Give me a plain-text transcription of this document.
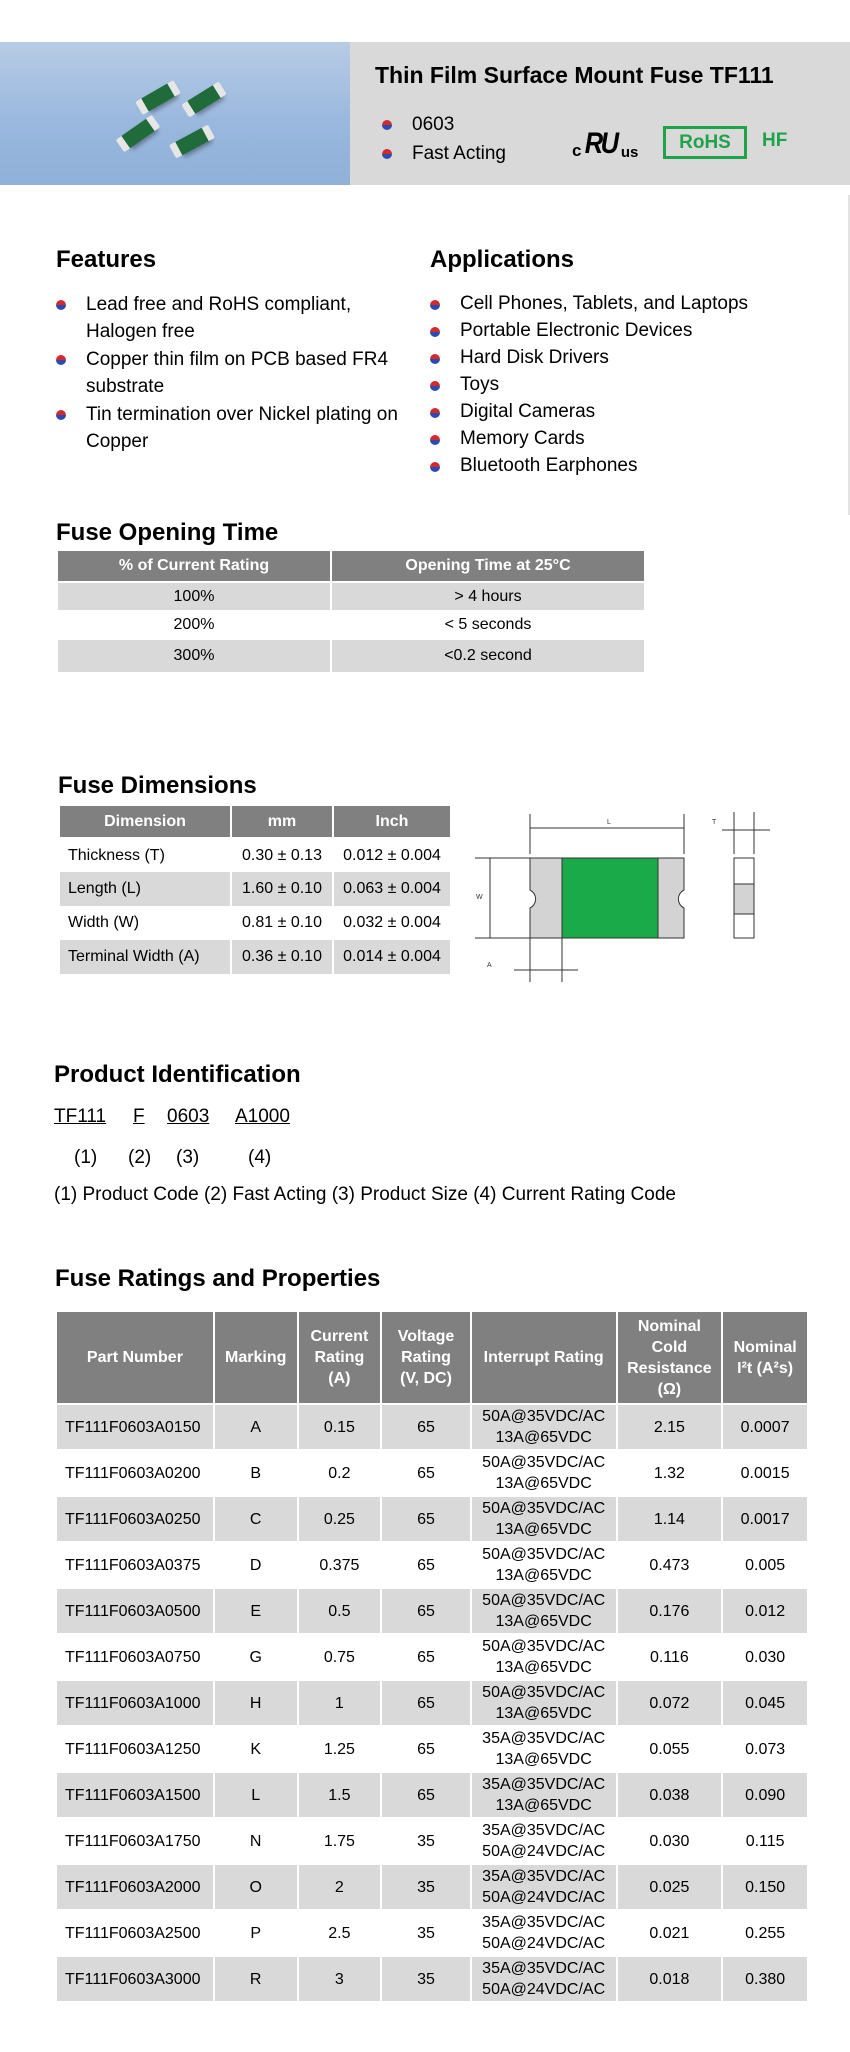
Thin Film Surface Mount Fuse TF111
0603
Fast Acting	c RU us	RoHS	HF
Features
Lead free and RoHS compliant,
Halogen free
Copper thin film on PCB based FR4
substrate
Tin termination over Nickel plating on
Copper
Applications
Cell Phones, Tablets, and Laptops
Portable Electronic Devices
Hard Disk Drivers
Toys
Digital Cameras
Memory Cards
Bluetooth Earphones
Fuse Opening Time
% of Current Rating	Opening Time at 25°C
100%	> 4 hours
200%	< 5 seconds
300%	<0.2 second
Fuse Dimensions
Dimension	mm	Inch
Thickness (T)	0.30 ± 0.13	0.012 ± 0.004
Length (L)	1.60 ± 0.10	0.063 ± 0.004
Width (W)	0.81 ± 0.10	0.032 ± 0.004
Terminal Width (A)	0.36 ± 0.10	0.014 ± 0.004
L
W
A
T
Product Identification
TF111 F 0603 A1000
(1) (2) (3)	(4)
(1) Product Code (2) Fast Acting (3) Product Size (4) Current Rating Code
Fuse Ratings and Properties
Part Number	Marking	Current
Rating
(A)	Voltage
Rating
(V, DC)	Interrupt Rating	Nominal
Cold
Resistance
(Ω)	Nominal
I²t (A²s)
TF111F0603A0150	A	0.15	65	50A@35VDC/AC
13A@65VDC	2.15	0.0007
TF111F0603A0200	B	0.2	65	50A@35VDC/AC
13A@65VDC	1.32	0.0015
TF111F0603A0250	C	0.25	65	50A@35VDC/AC
13A@65VDC	1.14	0.0017
TF111F0603A0375	D	0.375	65	50A@35VDC/AC
13A@65VDC	0.473	0.005
TF111F0603A0500	E	0.5	65	50A@35VDC/AC
13A@65VDC	0.176	0.012
TF111F0603A0750	G	0.75	65	50A@35VDC/AC
13A@65VDC	0.116	0.030
TF111F0603A1000	H	1	65	50A@35VDC/AC
13A@65VDC	0.072	0.045
TF111F0603A1250	K	1.25	65	35A@35VDC/AC
13A@65VDC	0.055	0.073
TF111F0603A1500	L	1.5	65	35A@35VDC/AC
13A@65VDC	0.038	0.090
TF111F0603A1750	N	1.75	35	35A@35VDC/AC
50A@24VDC/AC	0.030	0.115
TF111F0603A2000	O	2	35	35A@35VDC/AC
50A@24VDC/AC	0.025	0.150
TF111F0603A2500	P	2.5	35	35A@35VDC/AC
50A@24VDC/AC	0.021	0.255
TF111F0603A3000	R	3	35	35A@35VDC/AC
50A@24VDC/AC	0.018	0.380
